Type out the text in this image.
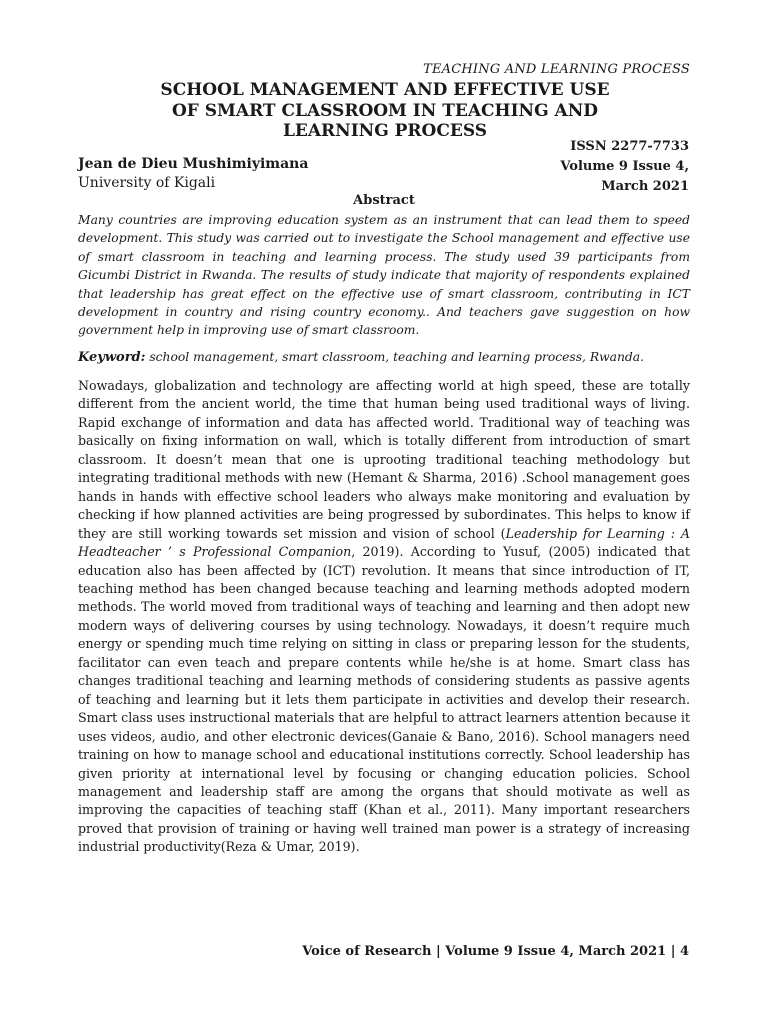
TEACHING AND LEARNING PROCESS
SCHOOL MANAGEMENT AND EFFECTIVE USE OF SMART CLASSROOM IN TEACHING AND LEARNING PROCESS
ISSN 2277-7733
Volume 9 Issue 4,
March 2021
Jean de Dieu Mushimiyimana
University of Kigali
Abstract

Many countries are improving education system as an instrument that can lead them to speed development. This study was carried out to investigate the School management and effective use of smart classroom in teaching and learning process. The study used 39 participants from Gicumbi District in Rwanda. The results of study indicate that majority of respondents explained that leadership has great effect on the effective use of smart classroom, contributing in ICT development in country and rising country economy.. And teachers gave suggestion on how government help in improving use of smart classroom.

Keyword: school management, smart classroom, teaching and learning process, Rwanda.

Nowadays, globalization and technology are affecting world at high speed, these are totally different from the ancient world, the time that human being used traditional ways of living. Rapid exchange of information and data has affected world. Traditional way of teaching was basically on fixing information on wall, which is totally different from introduction of smart classroom. It doesn’t mean that one is uprooting traditional teaching methodology but integrating traditional methods with new (Hemant & Sharma, 2016) .School management goes hands in hands with effective school leaders who always make monitoring and evaluation by checking if how planned activities are being progressed by subordinates. This helps to know if they are still working towards set mission and vision of school (Leadership for Learning : A Headteacher ’ s Professional Companion, 2019). According to Yusuf, (2005) indicated that education also has been affected by (ICT) revolution. It means that since introduction of IT, teaching method has been changed because teaching and learning methods adopted modern methods. The world moved from traditional ways of teaching and learning and then adopt new modern ways of delivering courses by using technology. Nowadays, it doesn’t require much energy or spending much time relying on sitting in class or preparing lesson for the students, facilitator can even teach and prepare contents while he/she is at home. Smart class has changes traditional teaching and learning methods of considering students as passive agents of teaching and learning but it lets them participate in activities and develop their research. Smart class uses instructional materials that are helpful to attract learners attention because it uses videos, audio, and other electronic devices(Ganaie & Bano, 2016). School managers need training on how to manage school and educational institutions correctly. School leadership has given priority at international level by focusing or changing education policies. School management and leadership staff are among the organs that should motivate as well as improving the capacities of teaching staff (Khan et al., 2011). Many important researchers proved that provision of training or having well trained man power is a strategy of increasing industrial productivity(Reza & Umar, 2019).

Voice of Research | Volume 9 Issue 4, March 2021 | 4
